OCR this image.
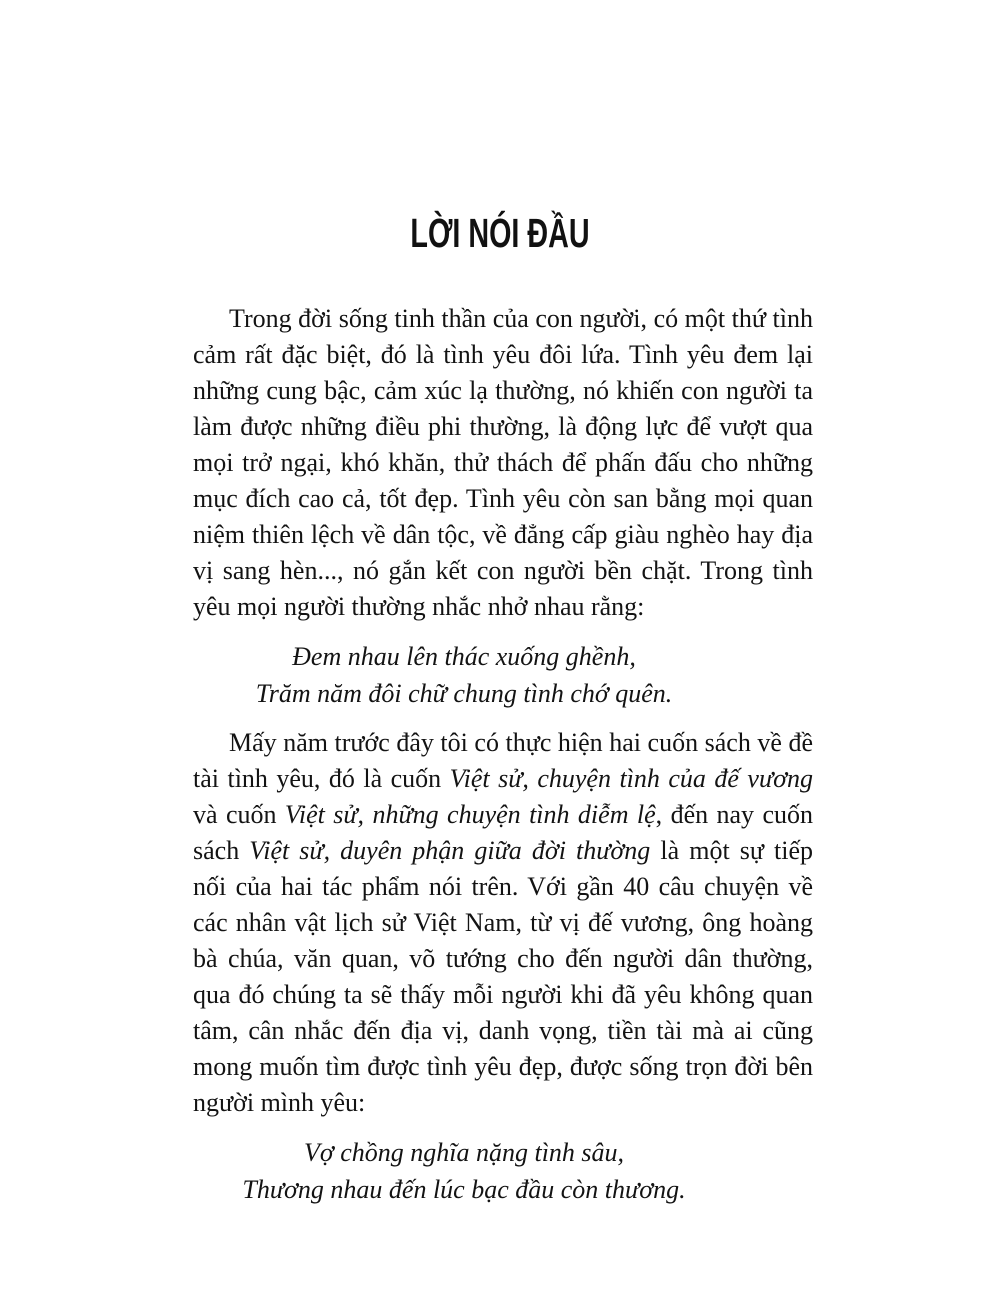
LỜI NÓI ĐẦU

Trong đời sống tinh thần của con người, có một thứ tình cảm rất đặc biệt, đó là tình yêu đôi lứa. Tình yêu đem lại những cung bậc, cảm xúc lạ thường, nó khiến con người ta làm được những điều phi thường, là động lực để vượt qua mọi trở ngại, khó khăn, thử thách để phấn đấu cho những mục đích cao cả, tốt đẹp. Tình yêu còn san bằng mọi quan niệm thiên lệch về dân tộc, về đẳng cấp giàu nghèo hay địa vị sang hèn..., nó gắn kết con người bền chặt. Trong tình yêu mọi người thường nhắc nhở nhau rằng:

Đem nhau lên thác xuống ghềnh,
Trăm năm đôi chữ chung tình chớ quên.

Mấy năm trước đây tôi có thực hiện hai cuốn sách về đề tài tình yêu, đó là cuốn Việt sử, chuyện tình của đế vương và cuốn Việt sử, những chuyện tình diễm lệ, đến nay cuốn sách Việt sử, duyên phận giữa đời thường là một sự tiếp nối của hai tác phẩm nói trên. Với gần 40 câu chuyện về các nhân vật lịch sử Việt Nam, từ vị đế vương, ông hoàng bà chúa, văn quan, võ tướng cho đến người dân thường, qua đó chúng ta sẽ thấy mỗi người khi đã yêu không quan tâm, cân nhắc đến địa vị, danh vọng, tiền tài mà ai cũng mong muốn tìm được tình yêu đẹp, được sống trọn đời bên người mình yêu:

Vợ chồng nghĩa nặng tình sâu,
Thương nhau đến lúc bạc đầu còn thương.
